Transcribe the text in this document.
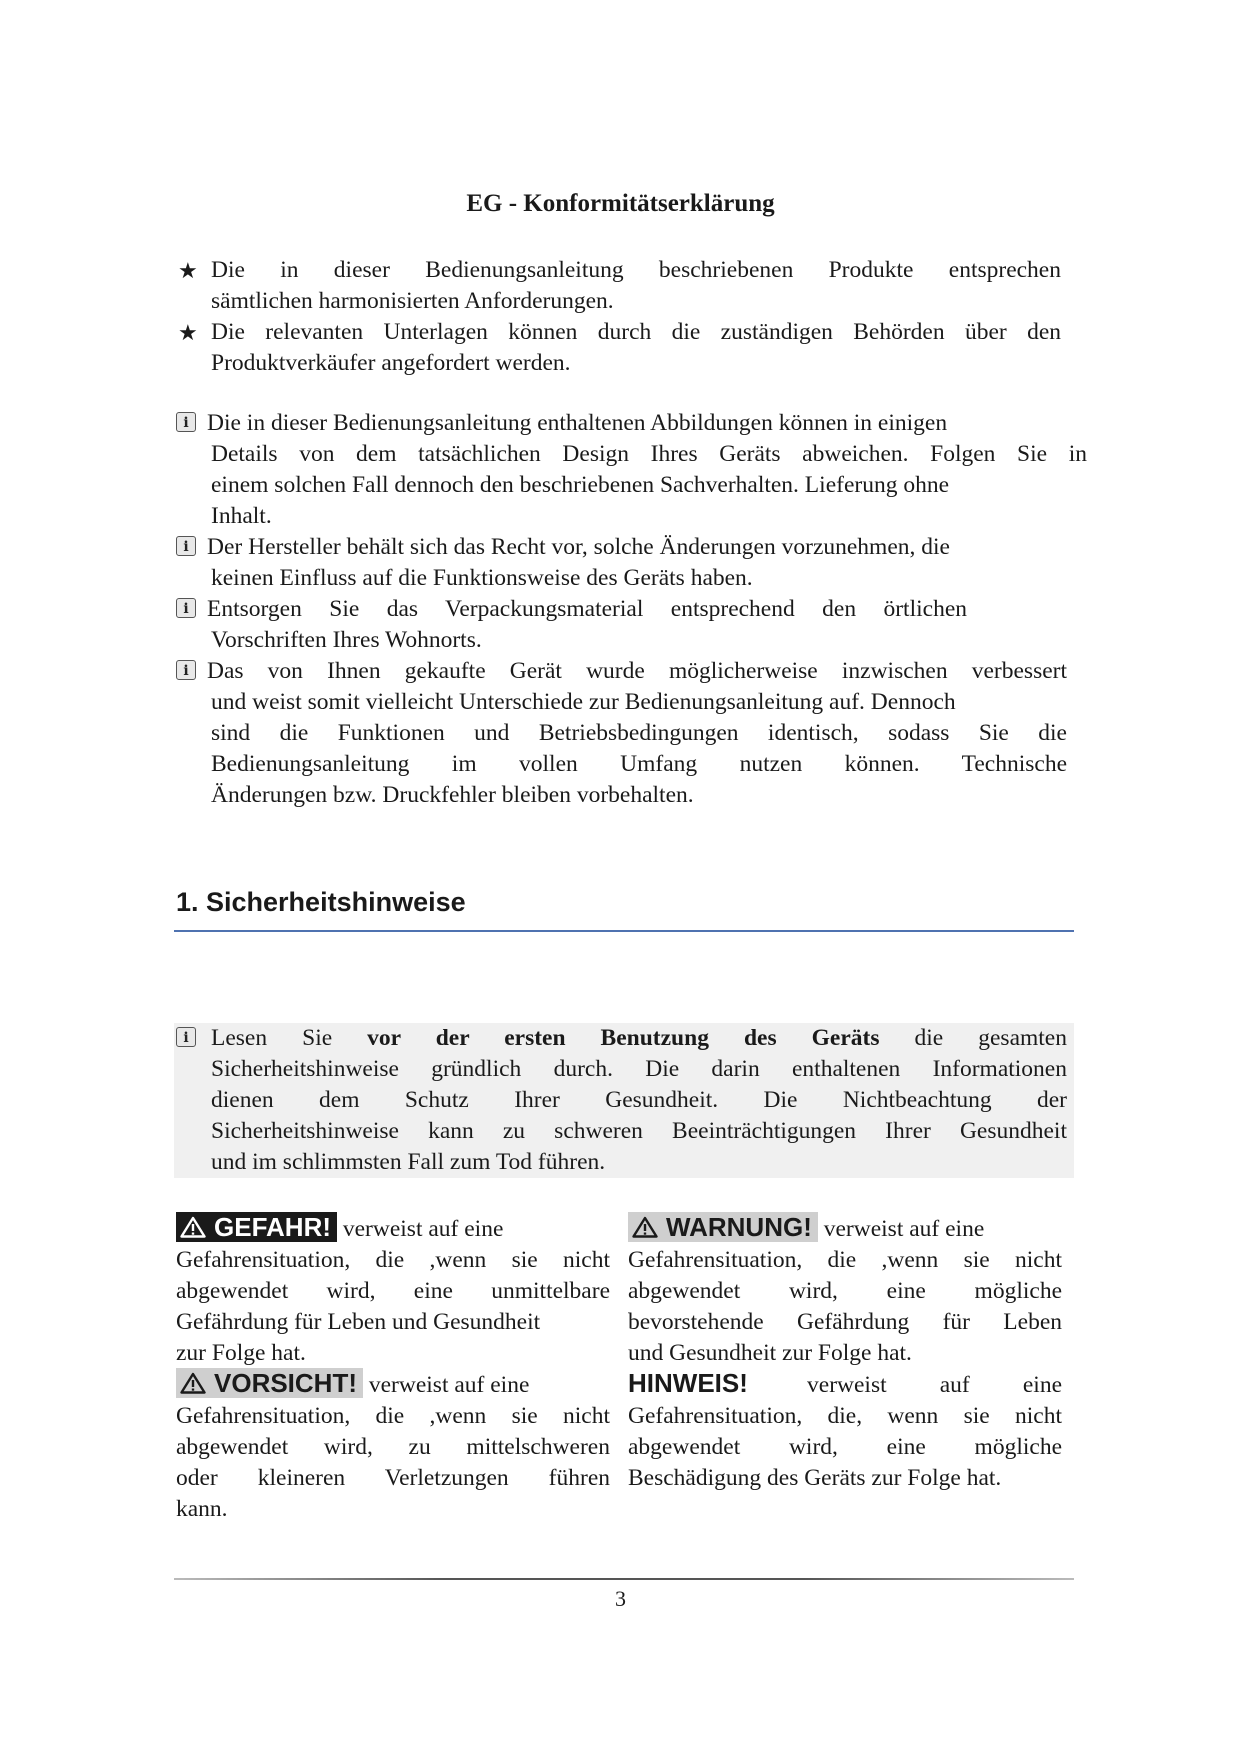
EG - Konformitätserklärung
★ Die in dieser Bedienungsanleitung beschriebenen Produkte entsprechen
sämtlichen harmonisierten Anforderungen.
★ Die relevanten Unterlagen können durch die zuständigen Behörden über den
Produktverkäufer angefordert werden.
i Die in dieser Bedienungsanleitung enthaltenen Abbildungen können in einigen
Details von dem tatsächlichen Design Ihres Geräts abweichen. Folgen Sie in
einem solchen Fall dennoch den beschriebenen Sachverhalten. Lieferung ohne
Inhalt.
i Der Hersteller behält sich das Recht vor, solche Änderungen vorzunehmen, die
keinen Einfluss auf die Funktionsweise des Geräts haben.
i Entsorgen Sie das Verpackungsmaterial entsprechend den örtlichen
Vorschriften Ihres Wohnorts.
i Das von Ihnen gekaufte Gerät wurde möglicherweise inzwischen verbessert
und weist somit vielleicht Unterschiede zur Bedienungsanleitung auf. Dennoch
sind die Funktionen und Betriebsbedingungen identisch, sodass Sie die
Bedienungsanleitung im vollen Umfang nutzen können. Technische
Änderungen bzw. Druckfehler bleiben vorbehalten.
1. Sicherheitshinweise
i Lesen Sie vor der ersten Benutzung des Geräts die gesamten
Sicherheitshinweise gründlich durch. Die darin enthaltenen Informationen
dienen dem Schutz Ihrer Gesundheit. Die Nichtbeachtung der
Sicherheitshinweise kann zu schweren Beeinträchtigungen Ihrer Gesundheit
und im schlimmsten Fall zum Tod führen.
GEFAHR! verweist auf eine
Gefahrensituation, die ,wenn sie nicht
abgewendet wird, eine unmittelbare
Gefährdung für Leben und Gesundheit
zur Folge hat.
VORSICHT! verweist auf eine
Gefahrensituation, die ,wenn sie nicht
abgewendet wird, zu mittelschweren
oder kleineren Verletzungen führen
kann.
WARNUNG! verweist auf eine
Gefahrensituation, die ,wenn sie nicht
abgewendet wird, eine mögliche
bevorstehende Gefährdung für Leben
und Gesundheit zur Folge hat.
HINWEIS!	verweist auf eine
Gefahrensituation, die, wenn sie nicht
abgewendet wird, eine mögliche
Beschädigung des Geräts zur Folge hat.
3
